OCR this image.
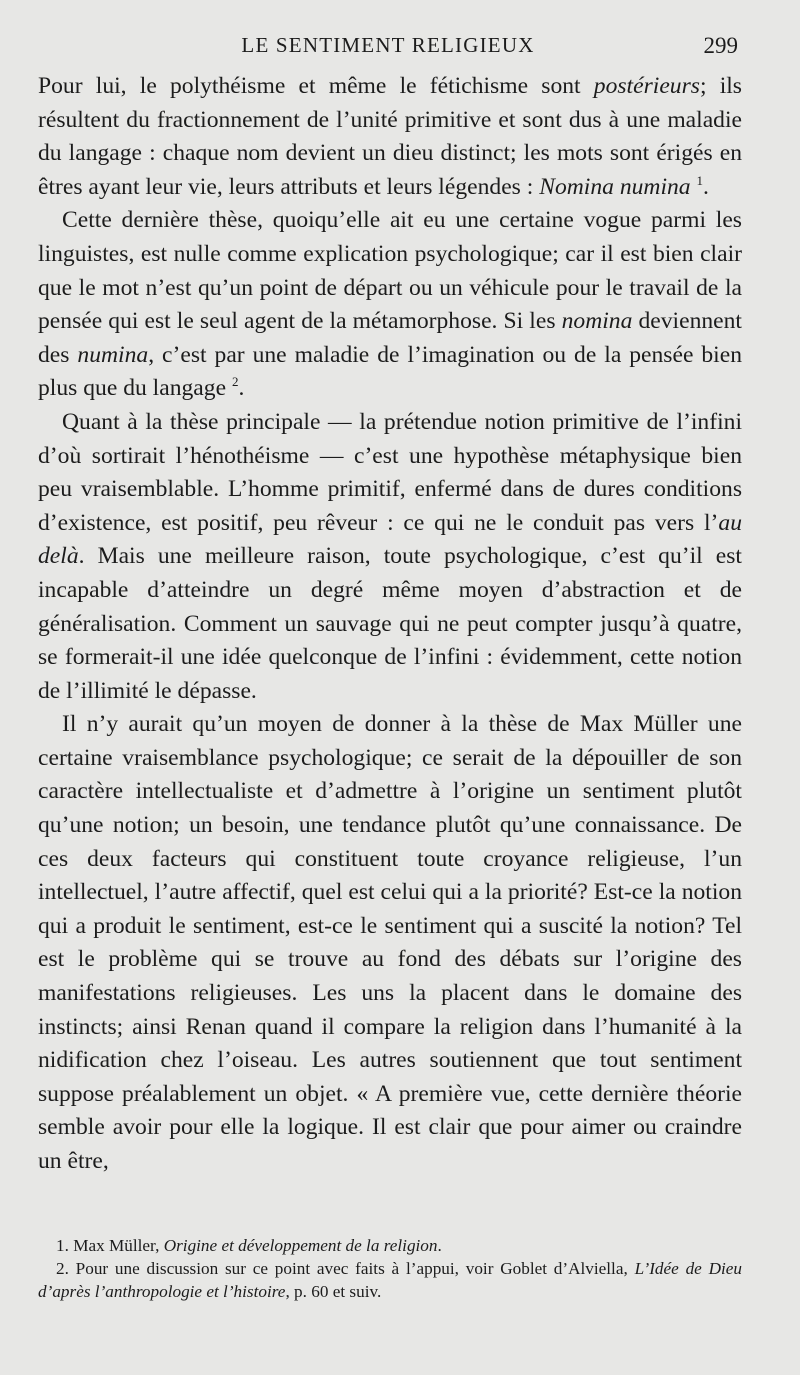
LE SENTIMENT RELIGIEUX	299

Pour lui, le polythéisme et même le fétichisme sont postérieurs; ils résultent du fractionnement de l’unité primitive et sont dus à une maladie du langage : chaque nom devient un dieu distinct; les mots sont érigés en êtres ayant leur vie, leurs attributs et leurs légendes : Nomina numina $^1$.

Cette dernière thèse, quoiqu’elle ait eu une certaine vogue parmi les linguistes, est nulle comme explication psychologique; car il est bien clair que le mot n’est qu’un point de départ ou un véhicule pour le travail de la pensée qui est le seul agent de la métamorphose. Si les nomina deviennent des numina, c’est par une maladie de l’imagination ou de la pensée bien plus que du langage $^2$.

Quant à la thèse principale — la prétendue notion primitive de l’infini d’où sortirait l’hénothéisme — c’est une hypothèse métaphysique bien peu vraisemblable. L’homme primitif, enfermé dans de dures conditions d’existence, est positif, peu rêveur : ce qui ne le conduit pas vers l’au delà. Mais une meilleure raison, toute psychologique, c’est qu’il est incapable d’atteindre un degré même moyen d’abstraction et de généralisation. Comment un sauvage qui ne peut compter jusqu’à quatre, se formerait-il une idée quelconque de l’infini : évidemment, cette notion de l’illimité le dépasse.

Il n’y aurait qu’un moyen de donner à la thèse de Max Müller une certaine vraisemblance psychologique; ce serait de la dépouiller de son caractère intellectualiste et d’admettre à l’origine un sentiment plutôt qu’une notion; un besoin, une tendance plutôt qu’une connaissance. De ces deux facteurs qui constituent toute croyance religieuse, l’un intellectuel, l’autre affectif, quel est celui qui a la priorité? Est-ce la notion qui a produit le sentiment, est-ce le sentiment qui a suscité la notion? Tel est le problème qui se trouve au fond des débats sur l’origine des manifestations religieuses. Les uns la placent dans le domaine des instincts; ainsi Renan quand il compare la religion dans l’humanité à la nidification chez l’oiseau. Les autres soutiennent que tout sentiment suppose préalablement un objet. « A première vue, cette dernière théorie semble avoir pour elle la logique. Il est clair que pour aimer ou craindre un être,

1. Max Müller, Origine et développement de la religion.

2. Pour une discussion sur ce point avec faits à l’appui, voir Goblet d’Alviella, L’Idée de Dieu d’après l’anthropologie et l’histoire, p. 60 et suiv.
